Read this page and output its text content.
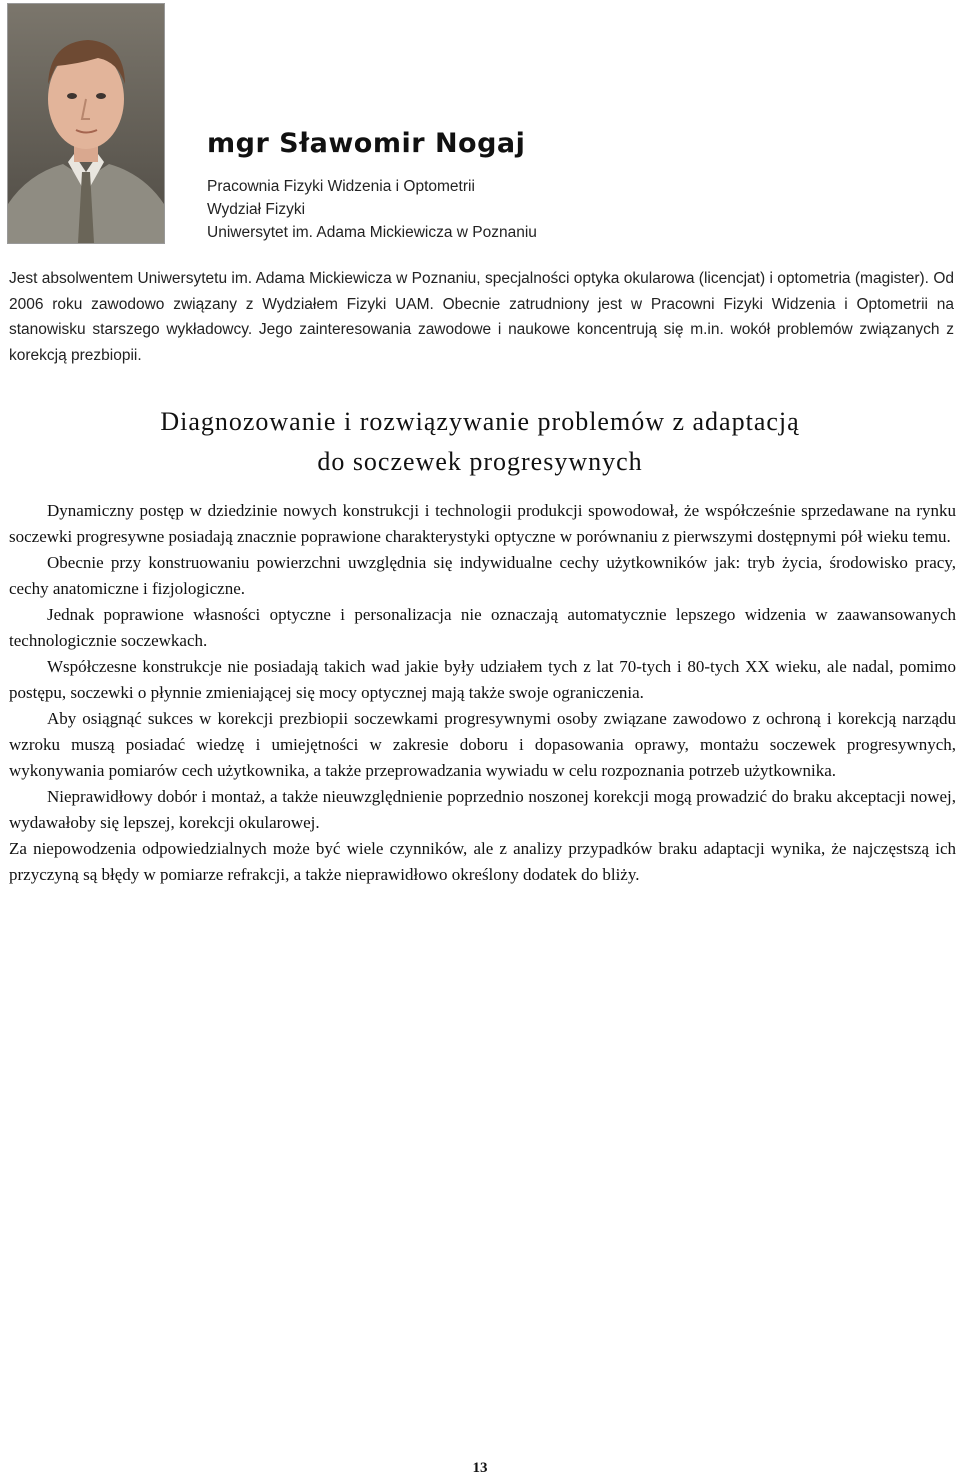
mgr Sławomir Nogaj
Pracownia Fizyki Widzenia i Optometrii
Wydział Fizyki
Uniwersytet im. Adama Mickiewicza w Poznaniu

Jest absolwentem Uniwersytetu im. Adama Mickiewicza w Poznaniu, specjalności optyka okularowa (licencjat) i optometria (magister). Od 2006 roku zawodowo związany z Wydziałem Fizyki UAM. Obecnie zatrudniony jest w Pracowni Fizyki Widzenia i Optometrii na stanowisku starszego wykładowcy. Jego zainteresowania zawodowe i naukowe koncentrują się m.in. wokół problemów związanych z korekcją prezbiopii.

Diagnozowanie i rozwiązywanie problemów z adaptacją
do soczewek progresywnych

Dynamiczny postęp w dziedzinie nowych konstrukcji i technologii produkcji spowodował, że współcześnie sprzedawane na rynku soczewki progresywne posiadają znacznie poprawione charakterystyki optyczne w porównaniu z pierwszymi dostępnymi pół wieku temu.

Obecnie przy konstruowaniu powierzchni uwzględnia się indywidualne cechy użytkowników jak: tryb życia, środowisko pracy, cechy anatomiczne i fizjologiczne.

Jednak poprawione własności optyczne i personalizacja nie oznaczają automatycznie lepszego widzenia w zaawansowanych technologicznie soczewkach.

Współczesne konstrukcje nie posiadają takich wad jakie były udziałem tych z lat 70-tych i 80-tych XX wieku, ale nadal, pomimo postępu, soczewki o płynnie zmieniającej się mocy optycznej mają także swoje ograniczenia.

Aby osiągnąć sukces w korekcji prezbiopii soczewkami progresywnymi osoby związane zawodowo z ochroną i korekcją narządu wzroku muszą posiadać wiedzę i umiejętności w zakresie doboru i dopasowania oprawy, montażu soczewek progresywnych, wykonywania pomiarów cech użytkownika, a także przeprowadzania wywiadu w celu rozpoznania potrzeb użytkownika.

Nieprawidłowy dobór i montaż, a także nieuwzględnienie poprzednio noszonej korekcji mogą prowadzić do braku akceptacji nowej, wydawałoby się lepszej, korekcji okularowej.

Za niepowodzenia odpowiedzialnych może być wiele czynników, ale z analizy przypadków braku adaptacji wynika, że najczęstszą ich przyczyną są błędy w pomiarze refrakcji, a także nieprawidłowo określony dodatek do bliży.

13
